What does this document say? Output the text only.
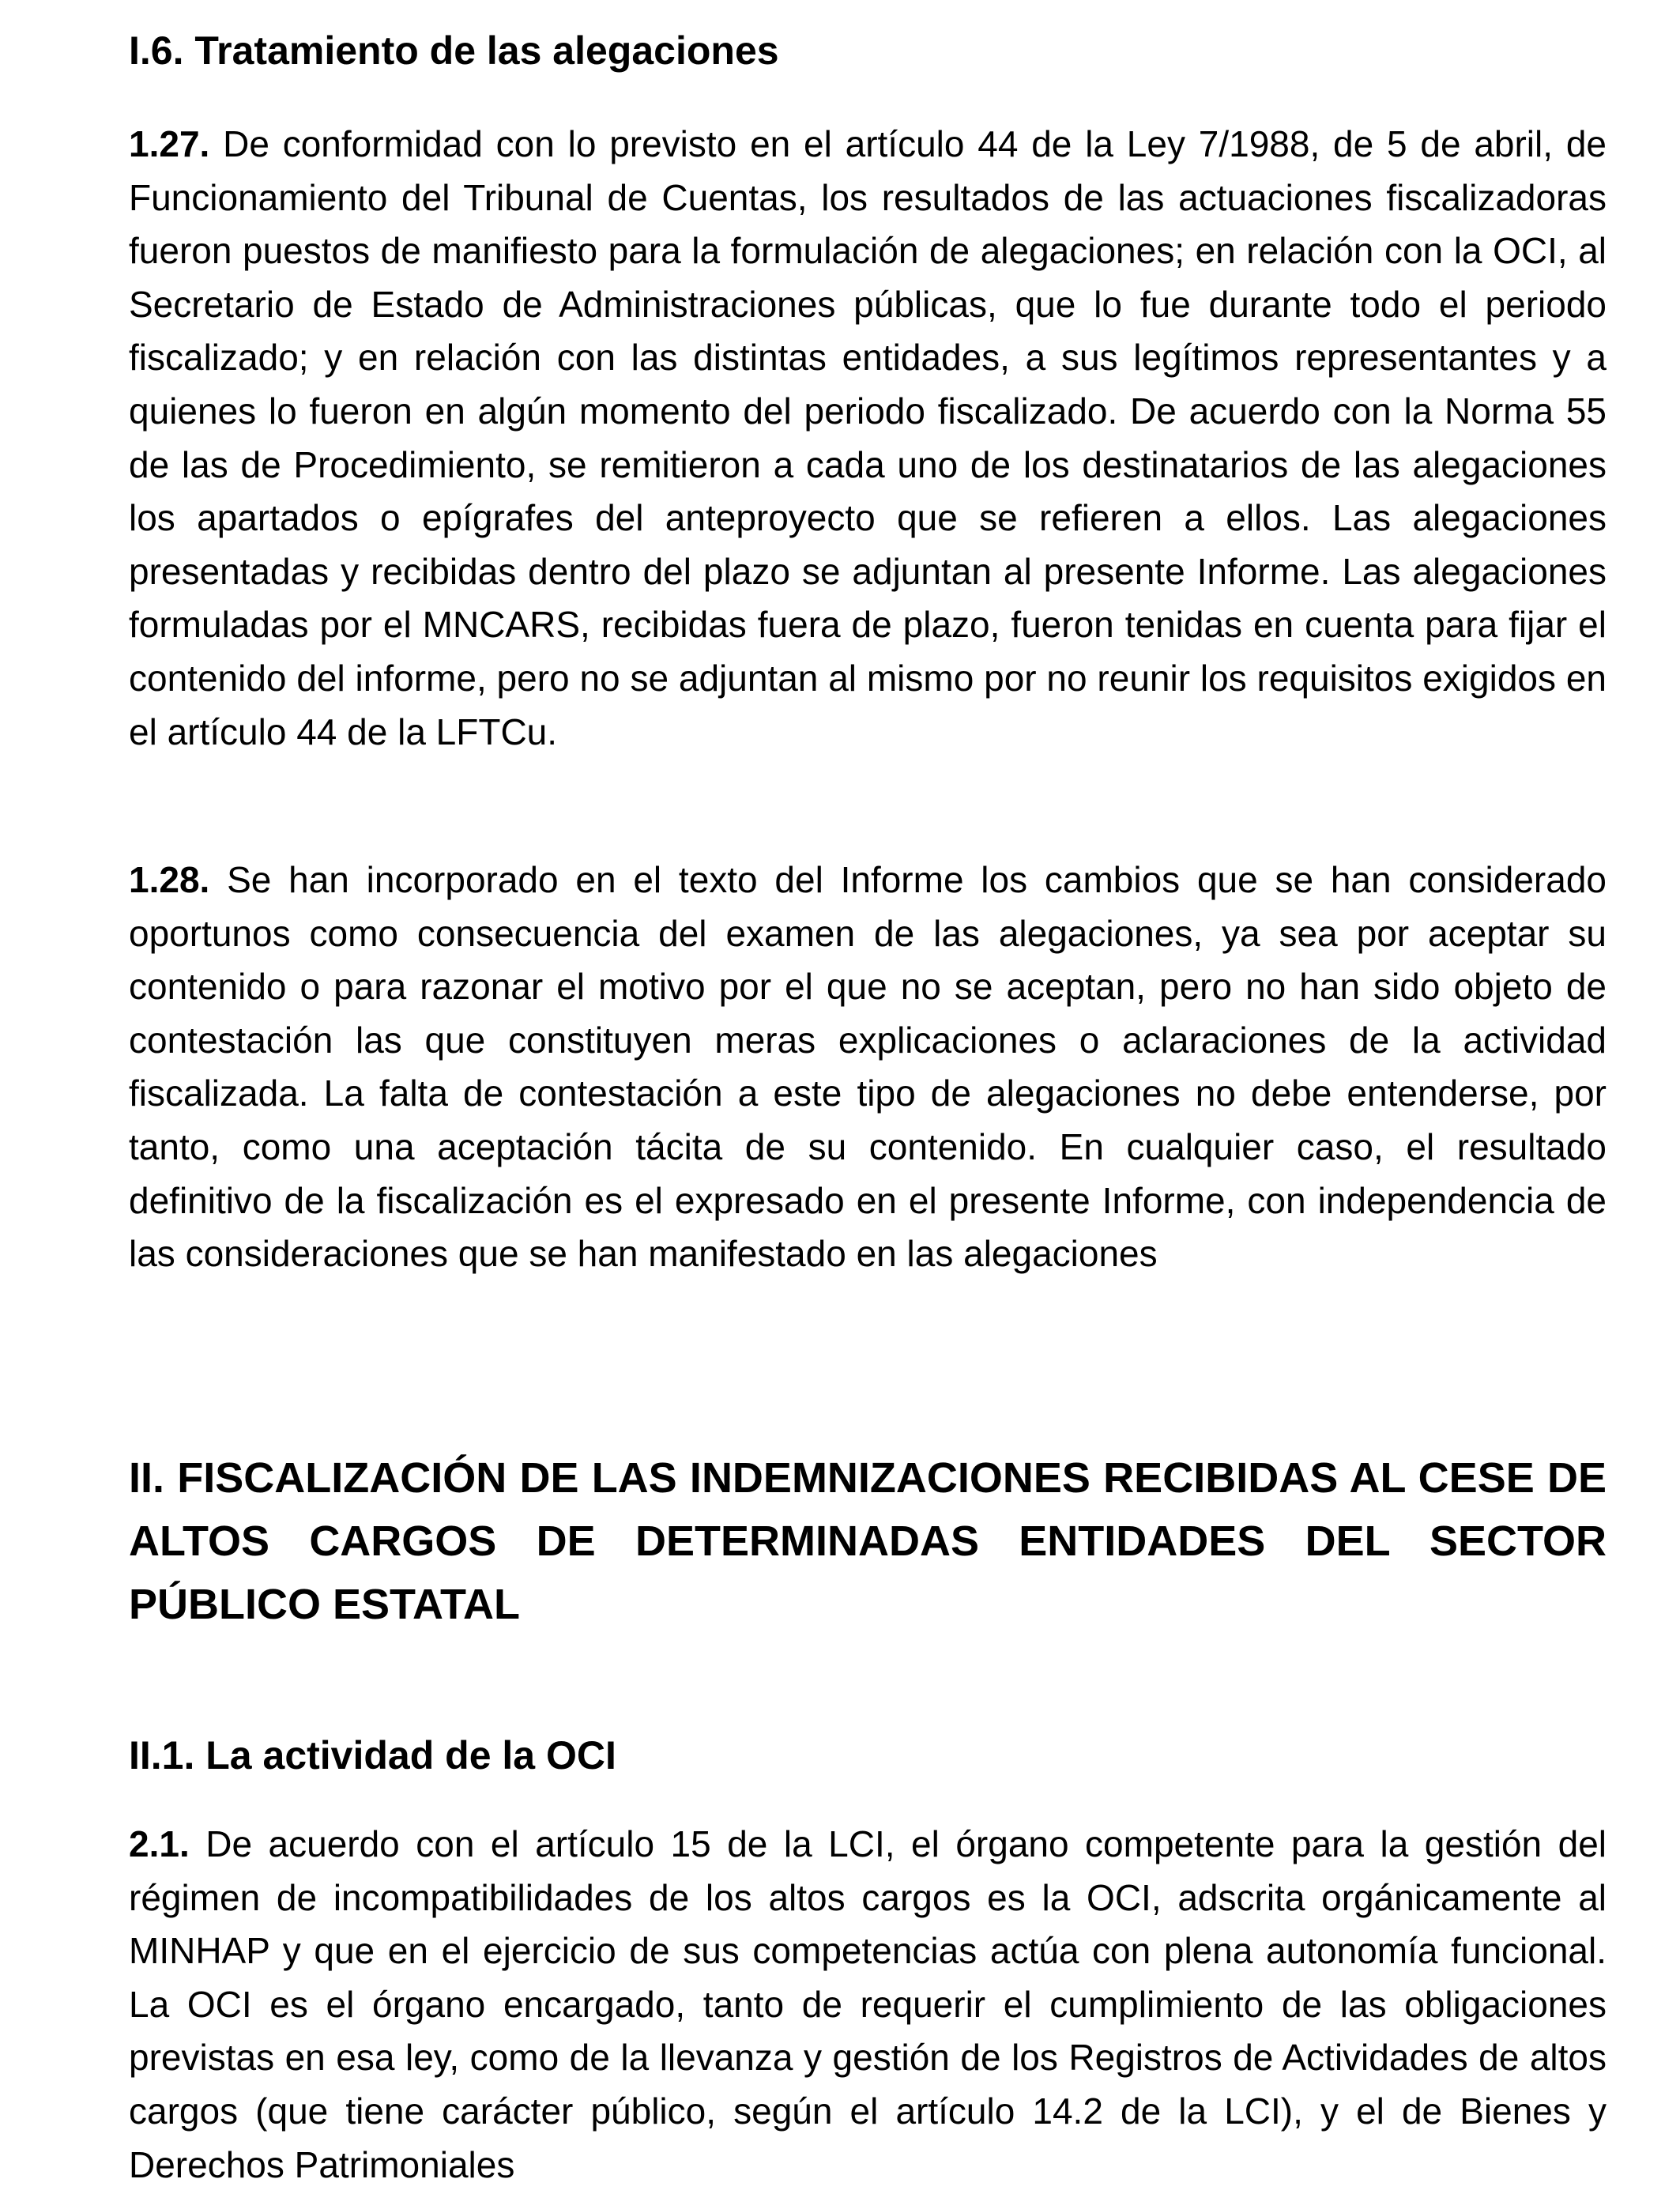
I.6. Tratamiento de las alegaciones

1.27. De conformidad con lo previsto en el artículo 44 de la Ley 7/1988, de 5 de abril, de Funcionamiento del Tribunal de Cuentas, los resultados de las actuaciones fiscalizadoras fueron puestos de manifiesto para la formulación de alegaciones; en relación con la OCI, al Secretario de Estado de Administraciones públicas, que lo fue durante todo el periodo fiscalizado; y en relación con las distintas entidades, a sus legítimos representantes y a quienes lo fueron en algún momento del periodo fiscalizado. De acuerdo con la Norma 55 de las de Procedimiento, se remitieron a cada uno de los destinatarios de las alegaciones los apartados o epígrafes del anteproyecto que se refieren a ellos. Las alegaciones presentadas y recibidas dentro del plazo se adjuntan al presente Informe. Las alegaciones formuladas por el MNCARS, recibidas fuera de plazo, fueron tenidas en cuenta para fijar el contenido del informe, pero no se adjuntan al mismo por no reunir los requisitos exigidos en el artículo 44 de la LFTCu.

1.28. Se han incorporado en el texto del Informe los cambios que se han considerado oportunos como consecuencia del examen de las alegaciones, ya sea por aceptar su contenido o para razonar el motivo por el que no se aceptan, pero no han sido objeto de contestación las que constituyen meras explicaciones o aclaraciones de la actividad fiscalizada. La falta de contestación a este tipo de alegaciones no debe entenderse, por tanto, como una aceptación tácita de su contenido. En cualquier caso, el resultado definitivo de la fiscalización es el expresado en el presente Informe, con independencia de las consideraciones que se han manifestado en las alegaciones

II. FISCALIZACIÓN DE LAS INDEMNIZACIONES RECIBIDAS AL CESE DE ALTOS CARGOS DE DETERMINADAS ENTIDADES DEL SECTOR PÚBLICO ESTATAL
II.1. La actividad de la OCI

2.1. De acuerdo con el artículo 15 de la LCI, el órgano competente para la gestión del régimen de incompatibilidades de los altos cargos es la OCI, adscrita orgánicamente al MINHAP y que en el ejercicio de sus competencias actúa con plena autonomía funcional. La OCI es el órgano encargado, tanto de requerir el cumplimiento de las obligaciones previstas en esa ley, como de la llevanza y gestión de los Registros de Actividades de altos cargos (que tiene carácter público, según el artículo 14.2 de la LCI), y el de Bienes y Derechos Patrimoniales
